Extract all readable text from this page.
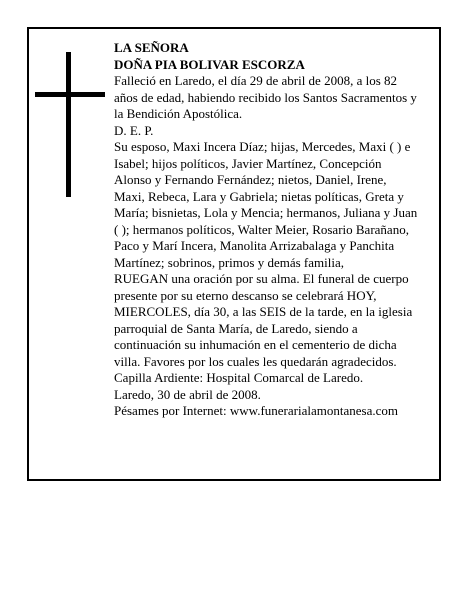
LA SEÑORA

DOÑA PIA BOLIVAR ESCORZA

Falleció en Laredo, el día 29 de abril de 2008, a los 82 años de edad, habiendo recibido los Santos Sacramentos y la Bendición Apostólica.

D. E. P.

Su esposo, Maxi Incera Díaz; hijas, Mercedes, Maxi ( ) e Isabel; hijos políticos, Javier Martínez, Concepción Alonso y Fernando Fernández; nietos, Daniel, Irene, Maxi, Rebeca, Lara y Gabriela; nietas políticas, Greta y María; bisnietas, Lola y Mencia; hermanos, Juliana y Juan ( ); hermanos políticos, Walter Meier, Rosario Barañano, Paco y Marí Incera, Manolita Arrizabalaga y Panchita Martínez; sobrinos, primos y demás familia,

RUEGAN una oración por su alma. El funeral de cuerpo presente por su eterno descanso se celebrará HOY, MIERCOLES, día 30, a las SEIS de la tarde, en la iglesia parroquial de Santa María, de Laredo, siendo a continuación su inhumación en el cementerio de dicha villa. Favores por los cuales les quedarán agradecidos.

Capilla Ardiente: Hospital Comarcal de Laredo.

Laredo, 30 de abril de 2008.

Pésames por Internet: www.funerarialamontanesa.com
